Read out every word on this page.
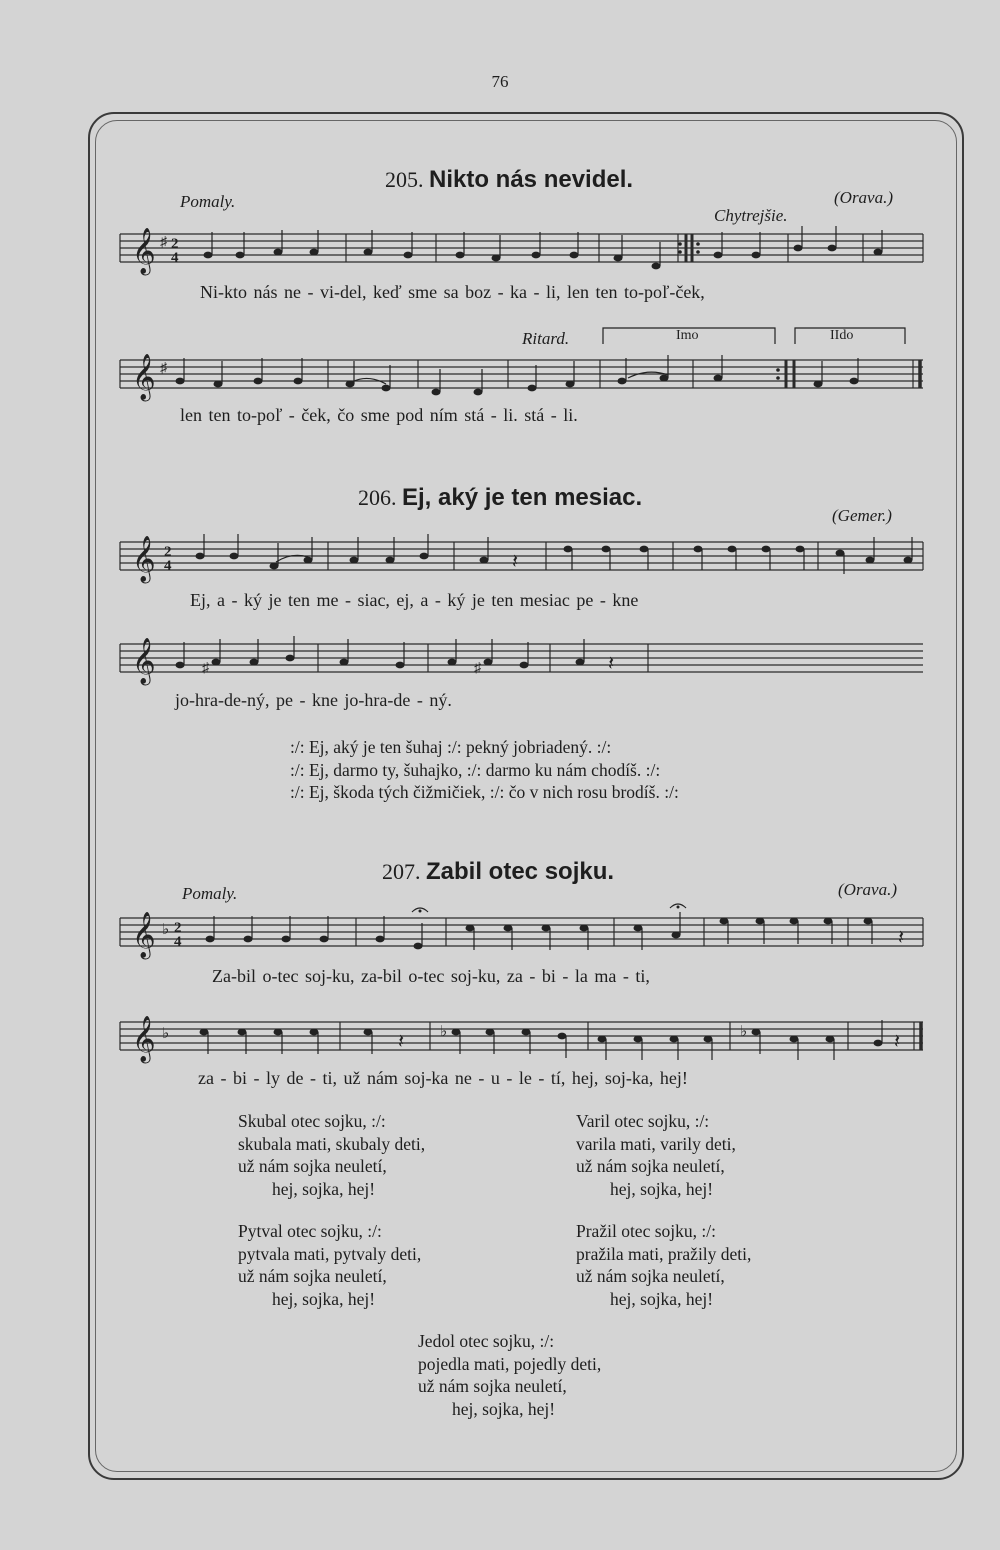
76
205. Nikto nás nevidel.
Pomaly.	(Orava.)
Chytrejšie.
𝄞 ♯ 2
4
Ni-kto nás ne - vi-del, keď sme sa boz - ka - li, len ten to-poľ-ček,
Ritard.	Imo	IIdo
𝄞 ♯
len ten to-poľ - ček, čo sme pod ním stá - li. stá - li.
206. Ej, aký je ten mesiac.
(Gemer.)
𝄞 2
4	𝄽
Ej, a - ký je ten me - siac, ej, a - ký je ten mesiac pe - kne
𝄞	♯	♯	𝄽
jo-hra-de-ný, pe - kne jo-hra-de - ný.
:/: Ej, aký je ten šuhaj :/: pekný jobriadený. :/:
:/: Ej, darmo ty, šuhajko, :/: darmo ku nám chodíš. :/:
:/: Ej, škoda tých čižmičiek, :/: čo v nich rosu brodíš. :/:
207. Zabil otec sojku.
Pomaly.	(Orava.)
𝄞 ♭ 2
4	𝄽
Za-bil o-tec soj-ku, za-bil o-tec soj-ku, za - bi - la ma - ti,
𝄞 ♭	♭	♭
𝄽	𝄽
za - bi - ly de - ti, už nám soj-ka ne - u - le - tí, hej, soj-ka, hej!
Skubal otec sojku, :/:
skubala mati, skubaly deti,
už nám sojka neuletí,
hej, sojka, hej!
Varil otec sojku, :/:
varila mati, varily deti,
už nám sojka neuletí,
hej, sojka, hej!
Pytval otec sojku, :/:
pytvala mati, pytvaly deti,
už nám sojka neuletí,
hej, sojka, hej!
Pražil otec sojku, :/:
pražila mati, pražily deti,
už nám sojka neuletí,
hej, sojka, hej!
Jedol otec sojku, :/:
pojedla mati, pojedly deti,
už nám sojka neuletí,
hej, sojka, hej!
